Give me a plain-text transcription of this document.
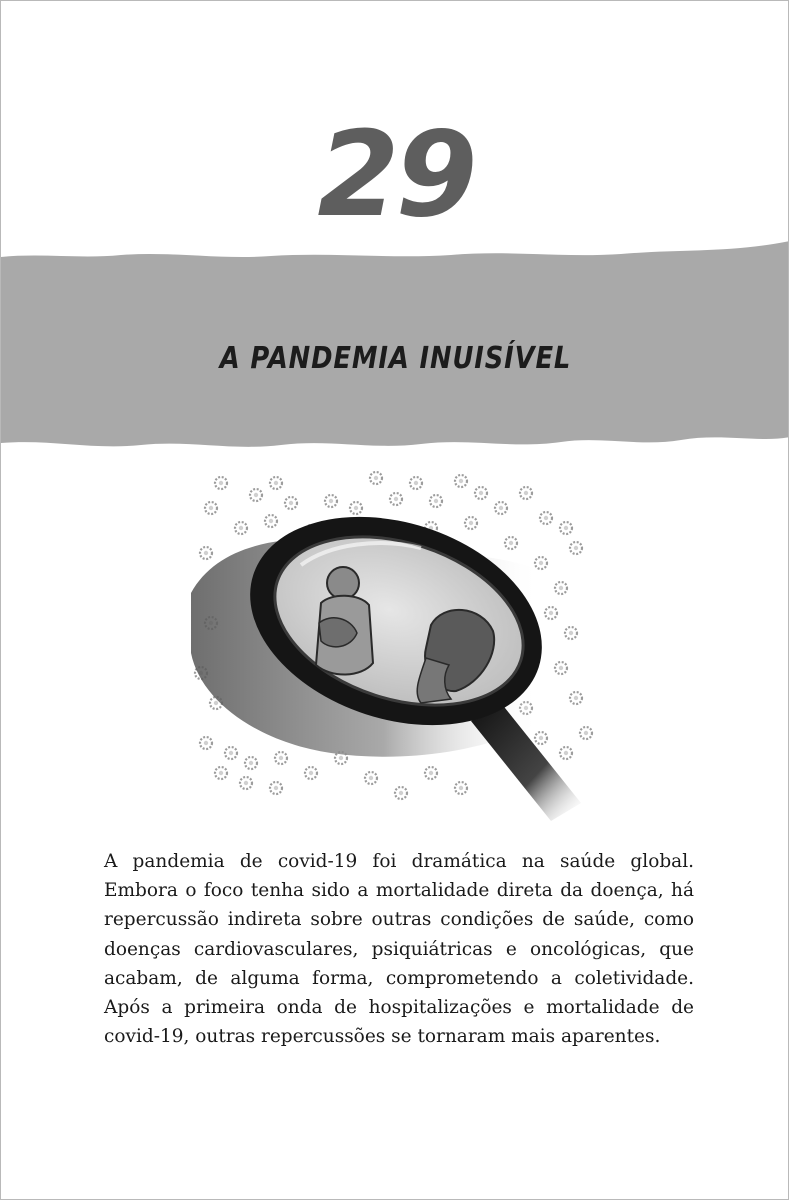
29
A PANDEMIA INUISÍVEL

A pandemia de covid-19 foi dramática na saúde global. Embora o foco tenha sido a mortalidade direta da doença, há repercussão indireta sobre outras condições de saúde, como doenças cardiovasculares, psiquiátricas e oncológicas, que acabam, de alguma forma, comprometendo a coletividade. Após a primeira onda de hospitalizações e mortalidade de covid-19, outras repercussões se tornaram mais aparentes.
